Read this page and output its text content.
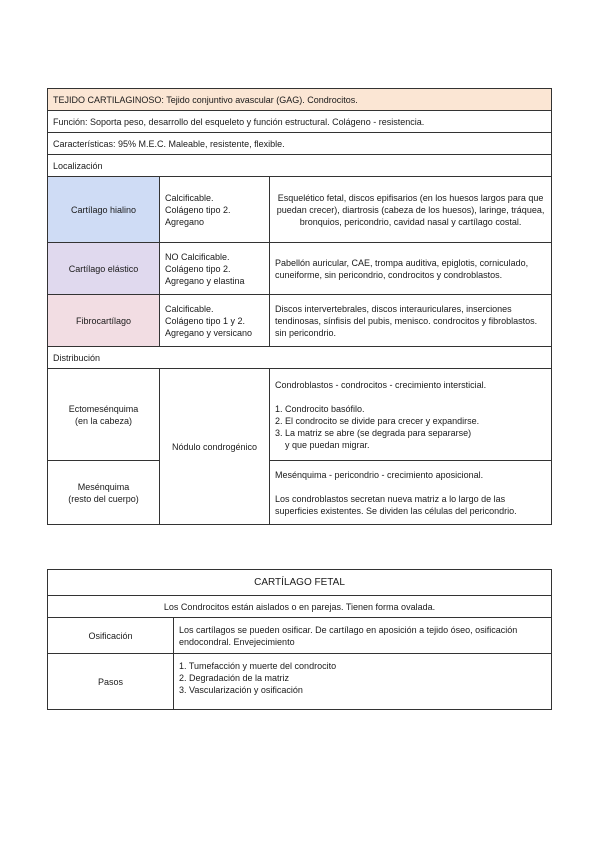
TEJIDO CARTILAGINOSO: Tejido conjuntivo avascular (GAG). Condrocitos.		
Función: Soporta peso, desarrollo del esqueleto y función estructural. Colágeno - resistencia.		
Características: 95% M.E.C. Maleable, resistente, flexible.		
Localización		
Cartílago hialino	Calcificable.
Colágeno tipo 2.
Agregano	Esquelético fetal, discos epifisarios (en los huesos largos para que puedan crecer), diartrosis (cabeza de los huesos), laringe, tráquea, bronquios, pericondrio, cavidad nasal y cartílago costal.
Cartílago elástico	NO Calcificable.
Colágeno tipo 2.
Agregano y elastina	Pabellón auricular, CAE, trompa auditiva, epiglotis, corniculado, cuneiforme, sin pericondrio, condrocitos y condroblastos.
Fibrocartílago	Calcificable.
Colágeno tipo 1 y 2.
Agregano y versicano	Discos intervertebrales, discos interauriculares, inserciones tendinosas, sínfisis del pubis, menisco. condrocitos y fibroblastos. sin pericondrio.
Distribución		

Ectomesénquima
(en la cabeza)	Nódulo condrogénico	Condroblastos - condrocitos - crecimiento intersticial.
1. Condrocito basófilo.
2. El condrocito se divide para crecer y expandirse.
3. La matriz se abre (se degrada para separarse)
y que puedan migrar.

Mesénquima
(resto del cuerpo)		Mesénquima - pericondrio - crecimiento aposicional.
Los condroblastos secretan nueva matriz a lo largo de las superficies existentes. Se dividen las células del pericondrio.
CARTÍLAGO FETAL	
Los Condrocitos están aislados o en parejas. Tienen forma ovalada.	
Osificación	Los cartílagos se pueden osificar. De cartílago en aposición a tejido óseo, osificación endocondral. Envejecimiento
Pasos	1. Tumefacción y muerte del condrocito
2. Degradación de la matriz
3. Vascularización y osificación
